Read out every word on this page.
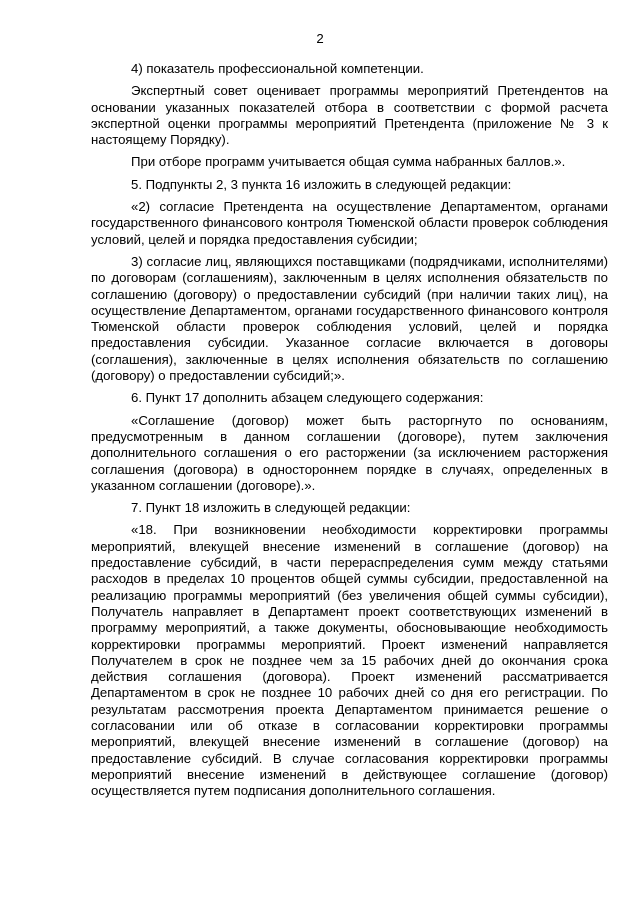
2

4) показатель профессиональной компетенции.

Экспертный совет оценивает программы мероприятий Претендентов на основании указанных показателей отбора в соответствии с формой расчета экспертной оценки программы мероприятий Претендента (приложение № 3 к настоящему Порядку).

При отборе программ учитывается общая сумма набранных баллов.».

5. Подпункты 2, 3 пункта 16 изложить в следующей редакции:

«2) согласие Претендента на осуществление Департаментом, органами государственного финансового контроля Тюменской области проверок соблюдения условий, целей и порядка предоставления субсидии;

3) согласие лиц, являющихся поставщиками (подрядчиками, исполнителями) по договорам (соглашениям), заключенным в целях исполнения обязательств по соглашению (договору) о предоставлении субсидий (при наличии таких лиц), на осуществление Департаментом, органами государственного финансового контроля Тюменской области проверок соблюдения условий, целей и порядка предоставления субсидии. Указанное согласие включается в договоры (соглашения), заключенные в целях исполнения обязательств по соглашению (договору) о предоставлении субсидий;».

6. Пункт 17 дополнить абзацем следующего содержания:

«Соглашение (договор) может быть расторгнуто по основаниям, предусмотренным в данном соглашении (договоре), путем заключения дополнительного соглашения о его расторжении (за исключением расторжения соглашения (договора) в одностороннем порядке в случаях, определенных в указанном соглашении (договоре).».

7. Пункт 18 изложить в следующей редакции:

«18. При возникновении необходимости корректировки программы мероприятий, влекущей внесение изменений в соглашение (договор) на предоставление субсидий, в части перераспределения сумм между статьями расходов в пределах 10 процентов общей суммы субсидии, предоставленной на реализацию программы мероприятий (без увеличения общей суммы субсидии), Получатель направляет в Департамент проект соответствующих изменений в программу мероприятий, а также документы, обосновывающие необходимость корректировки программы мероприятий. Проект изменений направляется Получателем в срок не позднее чем за 15 рабочих дней до окончания срока действия соглашения (договора). Проект изменений рассматривается Департаментом в срок не позднее 10 рабочих дней со дня его регистрации. По результатам рассмотрения проекта Департаментом принимается решение о согласовании или об отказе в согласовании корректировки программы мероприятий, влекущей внесение изменений в соглашение (договор) на предоставление субсидий. В случае согласования корректировки программы мероприятий внесение изменений в действующее соглашение (договор) осуществляется путем подписания дополнительного соглашения.
